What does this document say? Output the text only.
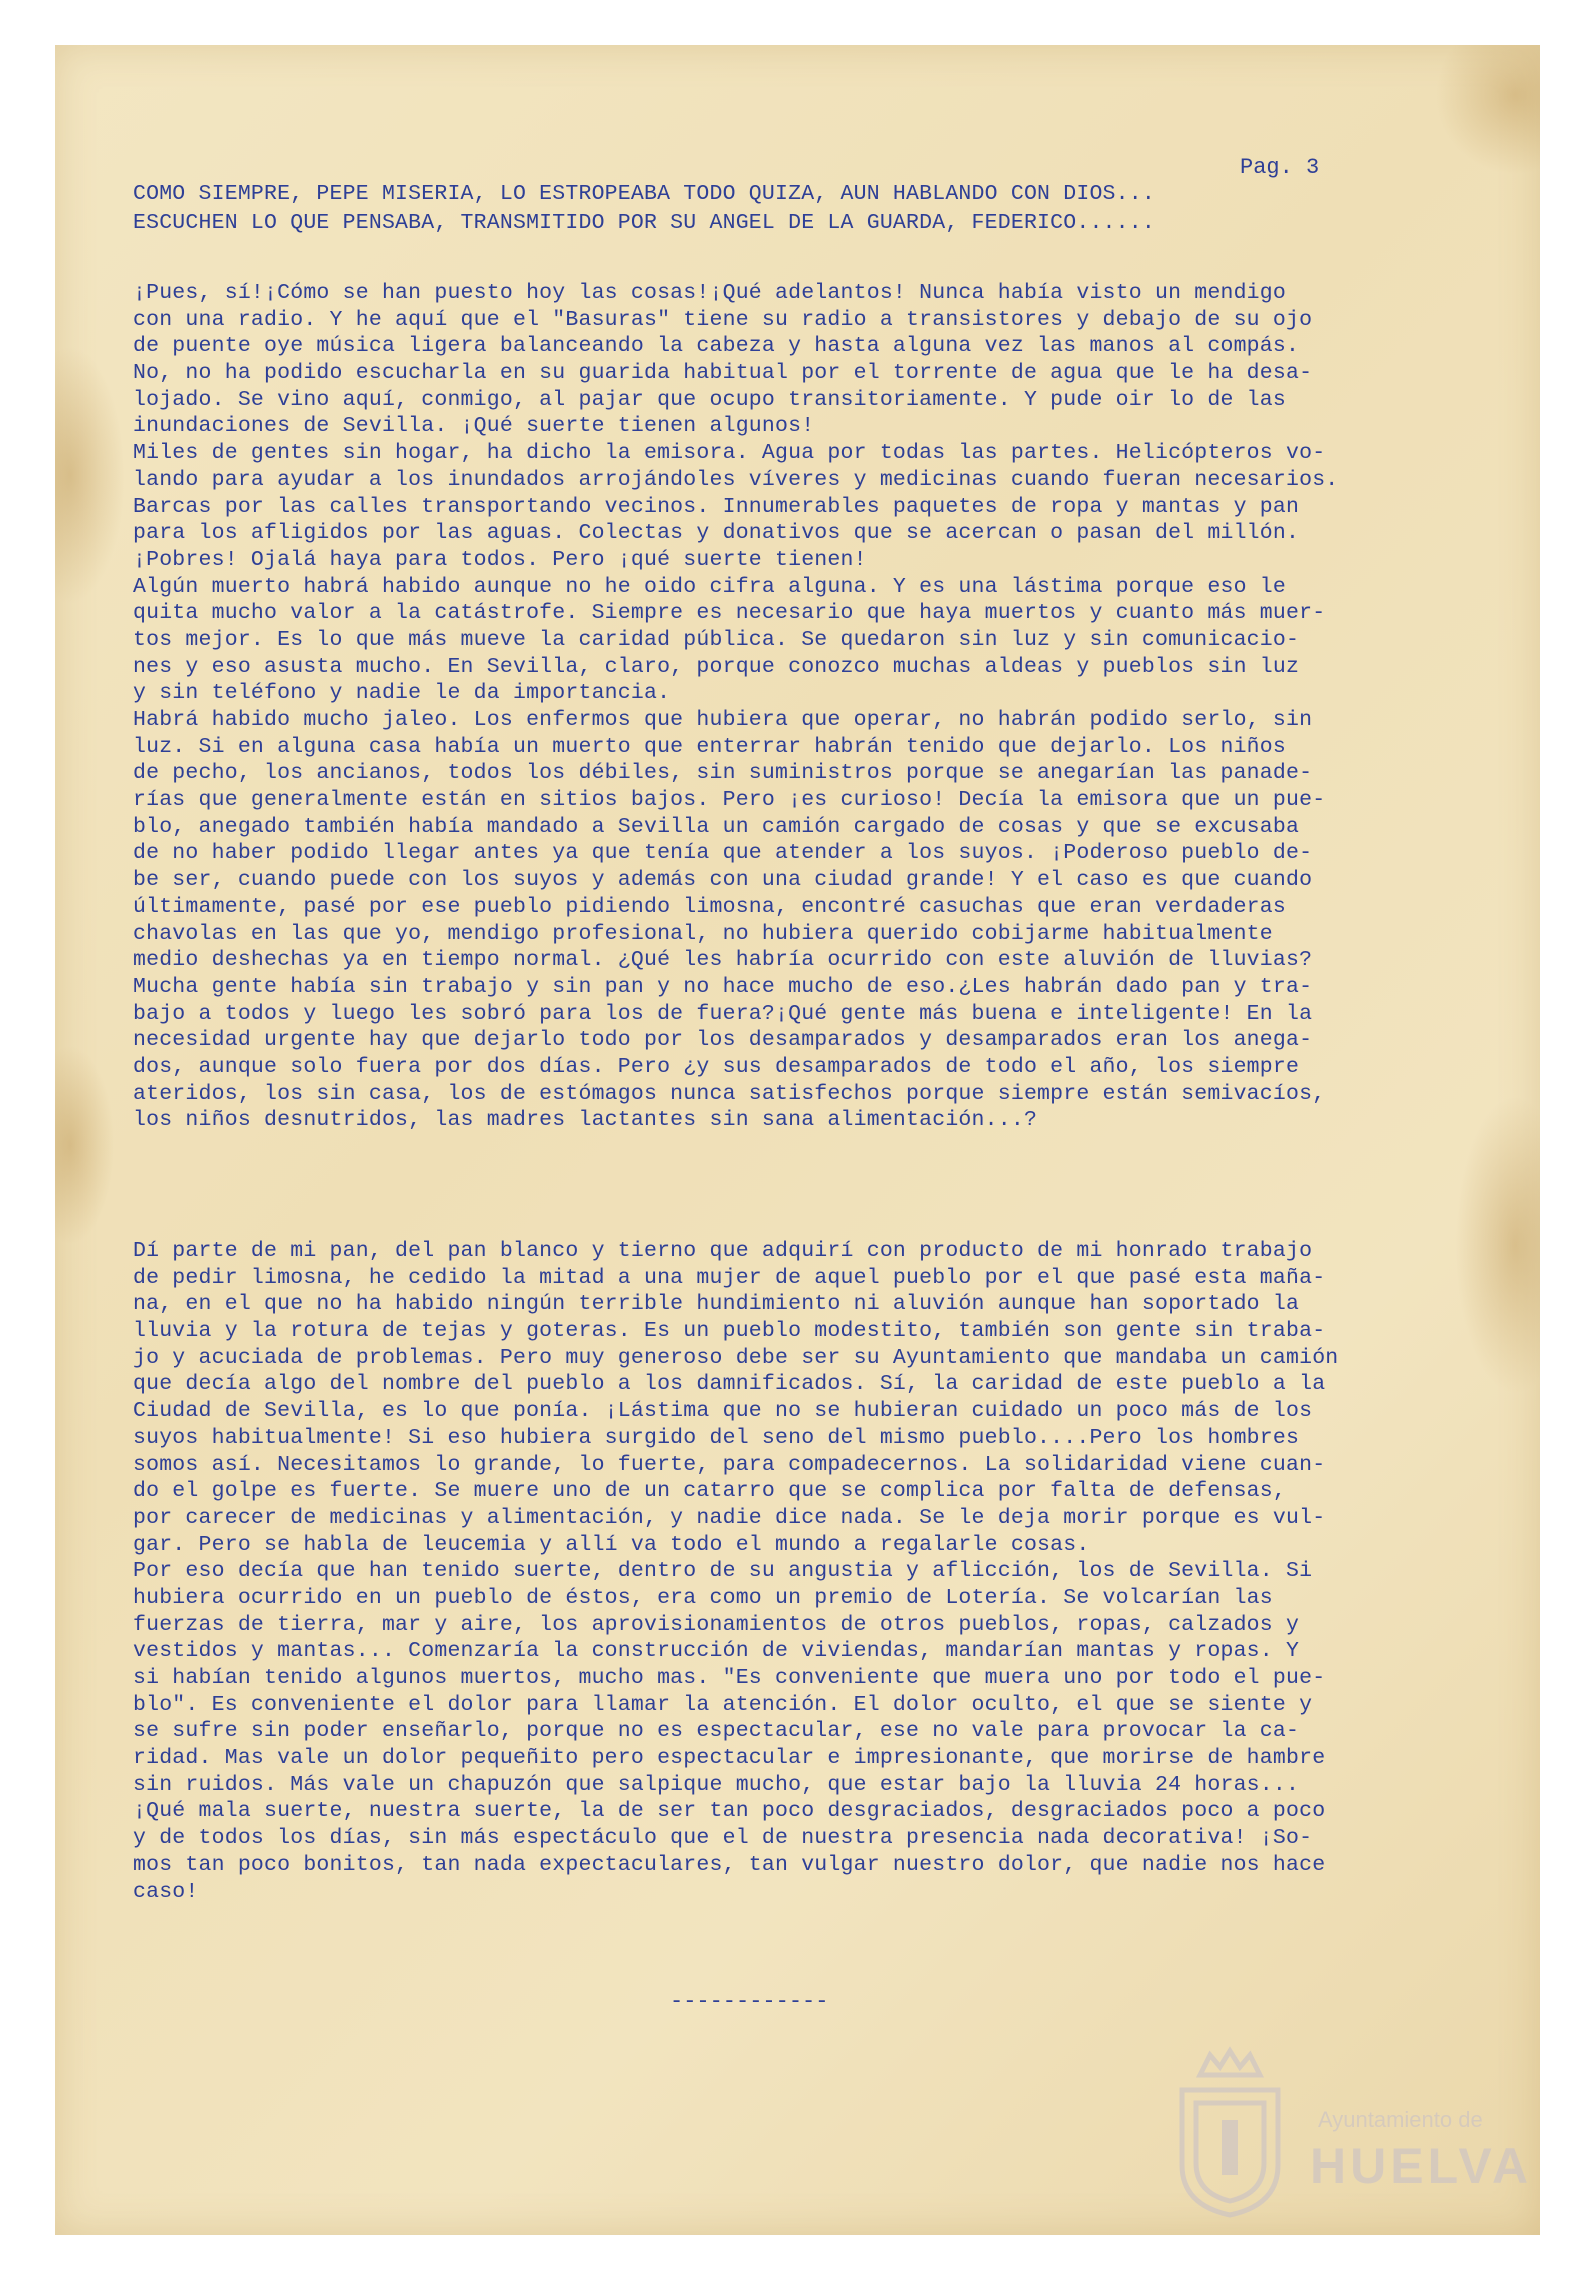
Pag. 3
COMO SIEMPRE, PEPE MISERIA, LO ESTROPEABA TODO QUIZA, AUN HABLANDO CON DIOS...
ESCUCHEN LO QUE PENSABA, TRANSMITIDO POR SU ANGEL DE LA GUARDA, FEDERICO......
¡Pues, sí!¡Cómo se han puesto hoy las cosas!¡Qué adelantos! Nunca había visto un mendigo
con una radio. Y he aquí que el "Basuras" tiene su radio a transistores y debajo de su ojo
de puente oye música ligera balanceando la cabeza y hasta alguna vez las manos al compás.
No, no ha podido escucharla en su guarida habitual por el torrente de agua que le ha desa-
lojado. Se vino aquí, conmigo, al pajar que ocupo transitoriamente. Y pude oir lo de las
inundaciones de Sevilla. ¡Qué suerte tienen algunos!
Miles de gentes sin hogar, ha dicho la emisora. Agua por todas las partes. Helicópteros vo-
lando para ayudar a los inundados arrojándoles víveres y medicinas cuando fueran necesarios.
Barcas por las calles transportando vecinos. Innumerables paquetes de ropa y mantas y pan
para los afligidos por las aguas. Colectas y donativos que se acercan o pasan del millón.
¡Pobres! Ojalá haya para todos. Pero ¡qué suerte tienen!
Algún muerto habrá habido aunque no he oido cifra alguna. Y es una lástima porque eso le
quita mucho valor a la catástrofe. Siempre es necesario que haya muertos y cuanto más muer-
tos mejor. Es lo que más mueve la caridad pública. Se quedaron sin luz y sin comunicacio-
nes y eso asusta mucho. En Sevilla, claro, porque conozco muchas aldeas y pueblos sin luz
y sin teléfono y nadie le da importancia.
Habrá habido mucho jaleo. Los enfermos que hubiera que operar, no habrán podido serlo, sin
luz. Si en alguna casa había un muerto que enterrar habrán tenido que dejarlo. Los niños
de pecho, los ancianos, todos los débiles, sin suministros porque se anegarían las panade-
rías que generalmente están en sitios bajos. Pero ¡es curioso! Decía la emisora que un pue-
blo, anegado también había mandado a Sevilla un camión cargado de cosas y que se excusaba
de no haber podido llegar antes ya que tenía que atender a los suyos. ¡Poderoso pueblo de-
be ser, cuando puede con los suyos y además con una ciudad grande! Y el caso es que cuando
últimamente, pasé por ese pueblo pidiendo limosna, encontré casuchas que eran verdaderas
chavolas en las que yo, mendigo profesional, no hubiera querido cobijarme habitualmente
medio deshechas ya en tiempo normal. ¿Qué les habría ocurrido con este aluvión de lluvias?
Mucha gente había sin trabajo y sin pan y no hace mucho de eso.¿Les habrán dado pan y tra-
bajo a todos y luego les sobró para los de fuera?¡Qué gente más buena e inteligente! En la
necesidad urgente hay que dejarlo todo por los desamparados y desamparados eran los anega-
dos, aunque solo fuera por dos días. Pero ¿y sus desamparados de todo el año, los siempre
ateridos, los sin casa, los de estómagos nunca satisfechos porque siempre están semivacíos,
los niños desnutridos, las madres lactantes sin sana alimentación...?
Dí parte de mi pan, del pan blanco y tierno que adquirí con producto de mi honrado trabajo
de pedir limosna, he cedido la mitad a una mujer de aquel pueblo por el que pasé esta maña-
na, en el que no ha habido ningún terrible hundimiento ni aluvión aunque han soportado la
lluvia y la rotura de tejas y goteras. Es un pueblo modestito, también son gente sin traba-
jo y acuciada de problemas. Pero muy generoso debe ser su Ayuntamiento que mandaba un camión
que decía algo del nombre del pueblo a los damnificados. Sí, la caridad de este pueblo a la
Ciudad de Sevilla, es lo que ponía. ¡Lástima que no se hubieran cuidado un poco más de los
suyos habitualmente! Si eso hubiera surgido del seno del mismo pueblo....Pero los hombres
somos así. Necesitamos lo grande, lo fuerte, para compadecernos. La solidaridad viene cuan-
do el golpe es fuerte. Se muere uno de un catarro que se complica por falta de defensas,
por carecer de medicinas y alimentación, y nadie dice nada. Se le deja morir porque es vul-
gar. Pero se habla de leucemia y allí va todo el mundo a regalarle cosas.
Por eso decía que han tenido suerte, dentro de su angustia y aflicción, los de Sevilla. Si
hubiera ocurrido en un pueblo de éstos, era como un premio de Lotería. Se volcarían las
fuerzas de tierra, mar y aire, los aprovisionamientos de otros pueblos, ropas, calzados y
vestidos y mantas... Comenzaría la construcción de viviendas, mandarían mantas y ropas. Y
si habían tenido algunos muertos, mucho mas. "Es conveniente que muera uno por todo el pue-
blo". Es conveniente el dolor para llamar la atención. El dolor oculto, el que se siente y
se sufre sin poder enseñarlo, porque no es espectacular, ese no vale para provocar la ca-
ridad. Mas vale un dolor pequeñito pero espectacular e impresionante, que morirse de hambre
sin ruidos. Más vale un chapuzón que salpique mucho, que estar bajo la lluvia 24 horas...
¡Qué mala suerte, nuestra suerte, la de ser tan poco desgraciados, desgraciados poco a poco
y de todos los días, sin más espectáculo que el de nuestra presencia nada decorativa! ¡So-
mos tan poco bonitos, tan nada expectaculares, tan vulgar nuestro dolor, que nadie nos hace
caso!
------------
Ayuntamiento de
HUELVA
